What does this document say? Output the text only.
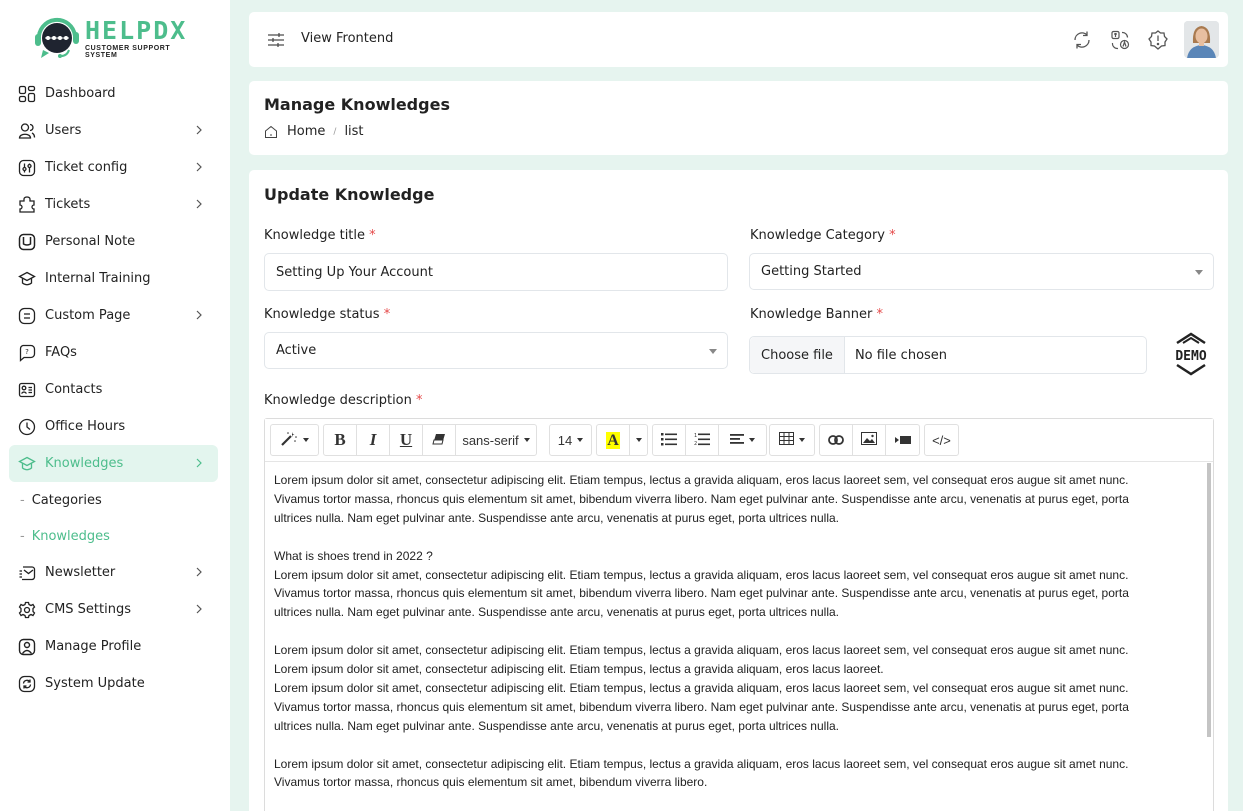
HELPDX
CUSTOMER SUPPORT SYSTEM
Dashboard
Users
Ticket config
Tickets
Personal Note
Internal Training
Custom Page
? FAQs
Contacts
Office Hours
Knowledges
- Categories
- Knowledges
Newsletter
CMS Settings
Manage Profile
System Update
View Frontend
Manage Knowledges
Home / list
Update Knowledge
Knowledge title *
Setting Up Your Account
Knowledge Category *
Getting Started
Knowledge status *
Active
Knowledge Banner *
Choose file	No file chosen	DEMO
Knowledge description *
B	I	U	sans-serif	14 A	1
2	</>

Lorem ipsum dolor sit amet, consectetur adipiscing elit. Etiam tempus, lectus a gravida aliquam, eros lacus laoreet sem, vel consequat eros augue sit amet nunc.

Vivamus tortor massa, rhoncus quis elementum sit amet, bibendum viverra libero. Nam eget pulvinar ante. Suspendisse ante arcu, venenatis at purus eget, porta

ultrices nulla. Nam eget pulvinar ante. Suspendisse ante arcu, venenatis at purus eget, porta ultrices nulla.

What is shoes trend in 2022 ?

Lorem ipsum dolor sit amet, consectetur adipiscing elit. Etiam tempus, lectus a gravida aliquam, eros lacus laoreet sem, vel consequat eros augue sit amet nunc.

Vivamus tortor massa, rhoncus quis elementum sit amet, bibendum viverra libero. Nam eget pulvinar ante. Suspendisse ante arcu, venenatis at purus eget, porta

ultrices nulla. Nam eget pulvinar ante. Suspendisse ante arcu, venenatis at purus eget, porta ultrices nulla.

Lorem ipsum dolor sit amet, consectetur adipiscing elit. Etiam tempus, lectus a gravida aliquam, eros lacus laoreet sem, vel consequat eros augue sit amet nunc.

Lorem ipsum dolor sit amet, consectetur adipiscing elit. Etiam tempus, lectus a gravida aliquam, eros lacus laoreet.

Lorem ipsum dolor sit amet, consectetur adipiscing elit. Etiam tempus, lectus a gravida aliquam, eros lacus laoreet sem, vel consequat eros augue sit amet nunc.

Vivamus tortor massa, rhoncus quis elementum sit amet, bibendum viverra libero. Nam eget pulvinar ante. Suspendisse ante arcu, venenatis at purus eget, porta

ultrices nulla. Nam eget pulvinar ante. Suspendisse ante arcu, venenatis at purus eget, porta ultrices nulla.

Lorem ipsum dolor sit amet, consectetur adipiscing elit. Etiam tempus, lectus a gravida aliquam, eros lacus laoreet sem, vel consequat eros augue sit amet nunc.

Vivamus tortor massa, rhoncus quis elementum sit amet, bibendum viverra libero.
